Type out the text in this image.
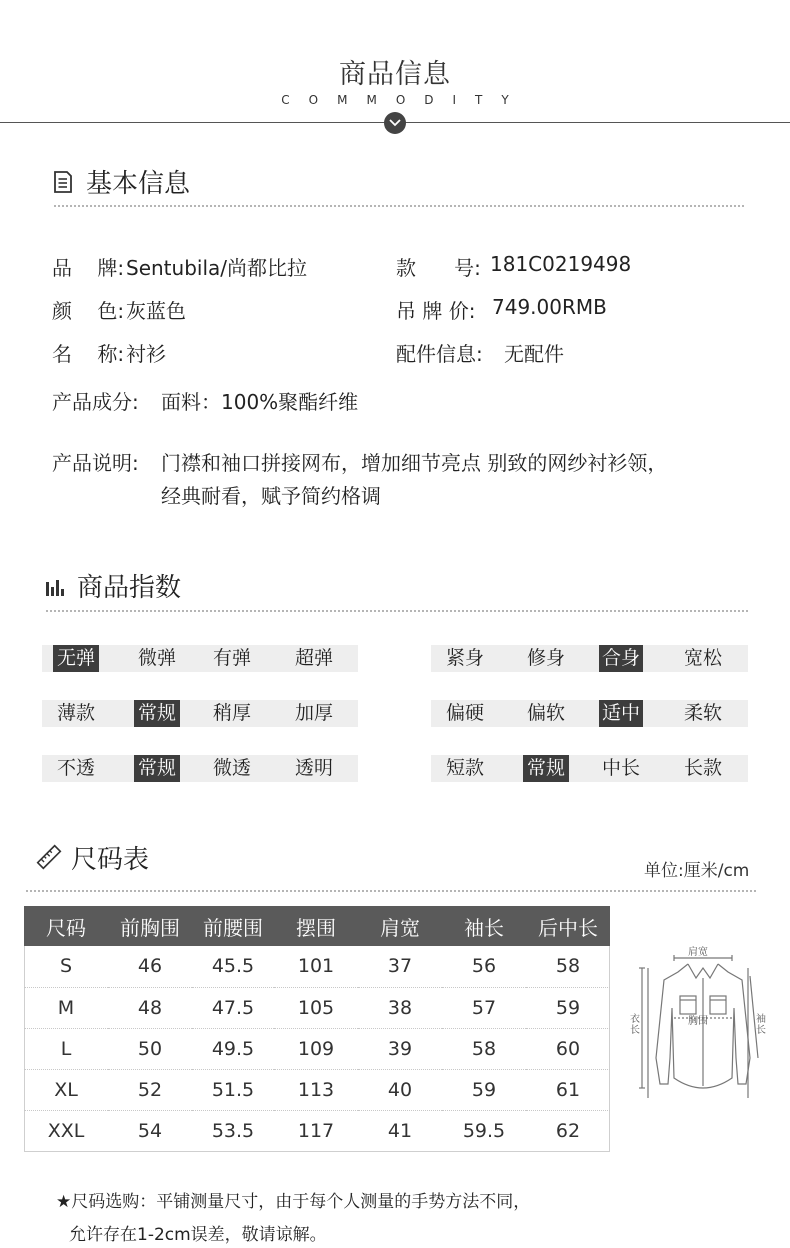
商品信息
COMMODITY
基本信息
品    牌: Sentubila/尚都比拉	款      号: 181C0219498
颜    色: 灰蓝色	吊 牌 价: 749.00RMB
名    称: 衬衫	配件信息: 无配件
产品成分: 面料：100%聚酯纤维
产品说明: 门襟和袖口拼接网布，增加细节亮点 别致的网纱衬衫领，
经典耐看，赋予简约格调
商品指数
无弹 微弹 有弹 超弹	紧身 修身 合身 宽松
薄款 常规 稍厚 加厚	偏硬 偏软 适中 柔软
不透 常规 微透 透明	短款 常规 中长 长款
尺码表	单位:厘米/cm
尺码	前胸围	前腰围	摆围	肩宽	袖长	后中长
S	46	45.5	101	37	56	58
M	48	47.5	105	38	57	59
L	50	49.5	109	39	58	60
XL	52	51.5	113	40	59	61
XXL	54	53.5	117	41	59.5	62
肩宽
胸围
衣长
袖长
★尺码选购：平铺测量尺寸，由于每个人测量的手势方法不同，
允许存在1-2cm误差，敬请谅解。
